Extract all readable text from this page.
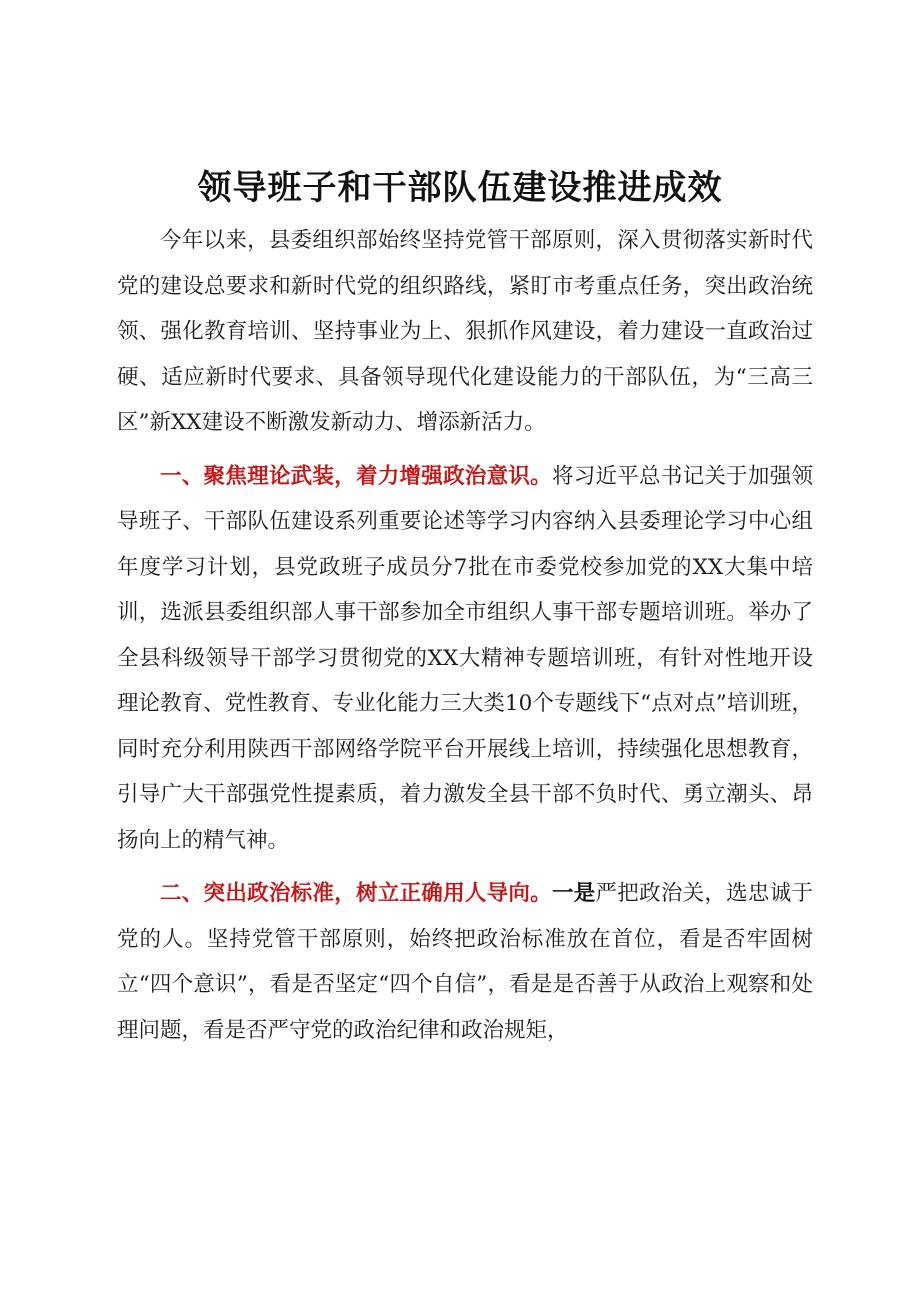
领导班子和干部队伍建设推进成效

今年以来，县委组织部始终坚持党管干部原则，深入贯彻落实新时代党的建设总要求和新时代党的组织路线，紧盯市考重点任务，突出政治统领、强化教育培训、坚持事业为上、狠抓作风建设，着力建设一直政治过硬、适应新时代要求、具备领导现代化建设能力的干部队伍，为“三高三区”新XX建设不断激发新动力、增添新活力。

一、聚焦理论武装，着力增强政治意识。将习近平总书记关于加强领导班子、干部队伍建设系列重要论述等学习内容纳入县委理论学习中心组年度学习计划，县党政班子成员分7批在市委党校参加党的XX大集中培训，选派县委组织部人事干部参加全市组织人事干部专题培训班。举办了全县科级领导干部学习贯彻党的XX大精神专题培训班，有针对性地开设理论教育、党性教育、专业化能力三大类10个专题线下“点对点”培训班，同时充分利用陕西干部网络学院平台开展线上培训，持续强化思想教育，引导广大干部强党性提素质，着力激发全县干部不负时代、勇立潮头、昂扬向上的精气神。

二、突出政治标准，树立正确用人导向。一是严把政治关，选忠诚于党的人。坚持党管干部原则，始终把政治标准放在首位，看是否牢固树立“四个意识”，看是否坚定“四个自信”，看是是否善于从政治上观察和处理问题，看是否严守党的政治纪律和政治规矩，
